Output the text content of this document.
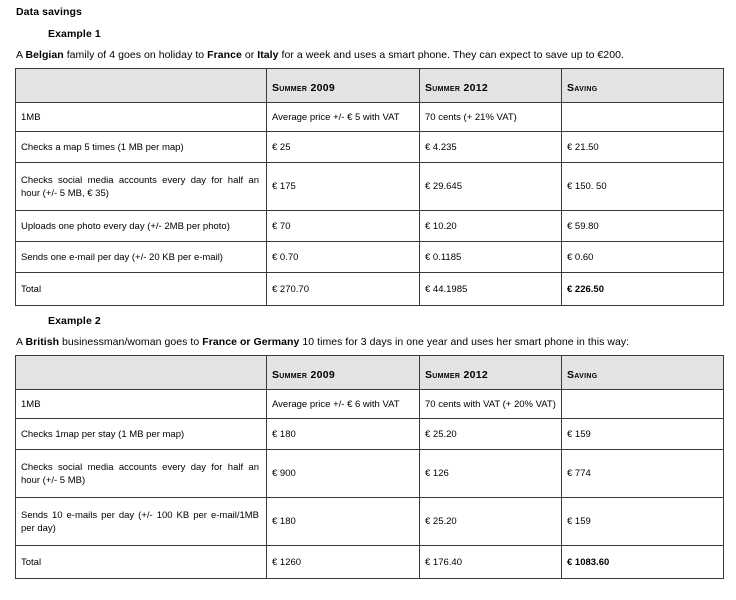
Data savings
Example 1
A Belgian family of 4 goes on holiday to France or Italy for a week and uses a smart phone. They can expect to save up to €200.
	Summer 2009	Summer 2012	Saving
1MB	Average price +/- € 5 with VAT	70 cents (+ 21% VAT)	
Checks a map 5 times (1 MB per map)	€ 25	€ 4.235	€ 21.50
Checks social media accounts every day for half an hour (+/- 5 MB, € 35)	€ 175	€ 29.645	€ 150. 50
Uploads one photo every day (+/- 2MB per photo)	€ 70	€ 10.20	€ 59.80
Sends one e-mail per day (+/- 20 KB per e-mail)	€ 0.70	€ 0.1185	€ 0.60
Total	€ 270.70	€ 44.1985	€ 226.50
Example 2
A British businessman/woman goes to France or Germany 10 times for 3 days in one year and uses her smart phone in this way:
	Summer 2009	Summer 2012	Saving
1MB	Average price +/- € 6 with VAT	70 cents with VAT (+ 20% VAT)	
Checks 1map per stay (1 MB per map)	€ 180	€ 25.20	€ 159
Checks social media accounts every day for half an hour (+/- 5 MB)	€ 900	€ 126	€ 774
Sends 10 e-mails per day (+/- 100 KB per e-mail/1MB per day)	€ 180	€ 25.20	€ 159
Total	€ 1260	€ 176.40	€ 1083.60
